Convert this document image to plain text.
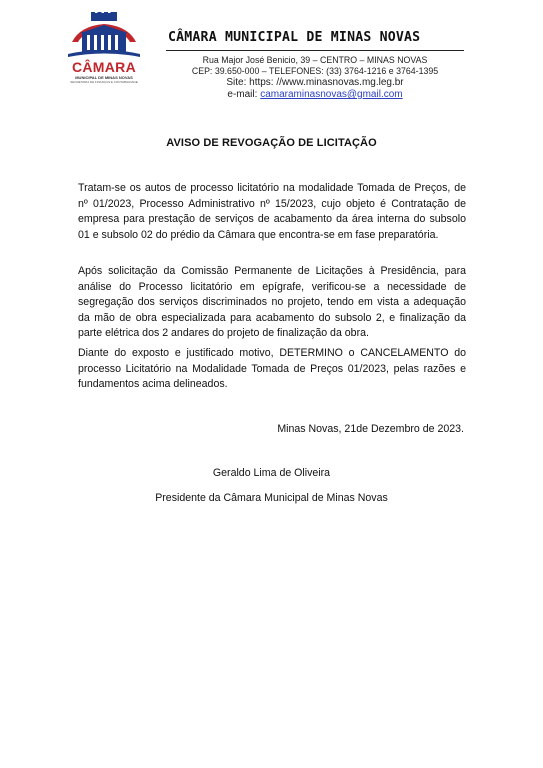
CÂMARA
MUNICIPAL DE MINAS NOVAS
SECRETARIA DE FINANÇAS E CONTABILIDADE
CÂMARA MUNICIPAL DE MINAS NOVAS
Rua Major José Benicio, 39 – CENTRO – MINAS NOVAS
CEP: 39.650-000 – TELEFONES: (33) 3764-1216 e 3764-1395
Site: https: //www.minasnovas.mg.leg.br
e-mail: camaraminasnovas@gmail.com
AVISO DE REVOGAÇÃO DE LICITAÇÃO

Tratam-se os autos de processo licitatório na modalidade Tomada de Preços, de nº 01/2023, Processo Administrativo nº 15/2023, cujo objeto é Contratação de empresa para prestação de serviços de acabamento da área interna do subsolo 01 e subsolo 02 do prédio da Câmara que encontra-se em fase preparatória.

Após solicitação da Comissão Permanente de Licitações à Presidência, para análise do Processo licitatório em epígrafe, verificou-se a necessidade de segregação dos serviços discriminados no projeto, tendo em vista a adequação da mão de obra especializada para acabamento do subsolo 2, e finalização da parte elétrica dos 2 andares do projeto de finalização da obra.

Diante do exposto e justificado motivo, DETERMINO o CANCELAMENTO do processo Licitatório na Modalidade Tomada de Preços 01/2023, pelas razões e fundamentos acima delineados.

Minas Novas, 21de Dezembro de 2023.
Geraldo Lima de Oliveira
Presidente da Câmara Municipal de Minas Novas
